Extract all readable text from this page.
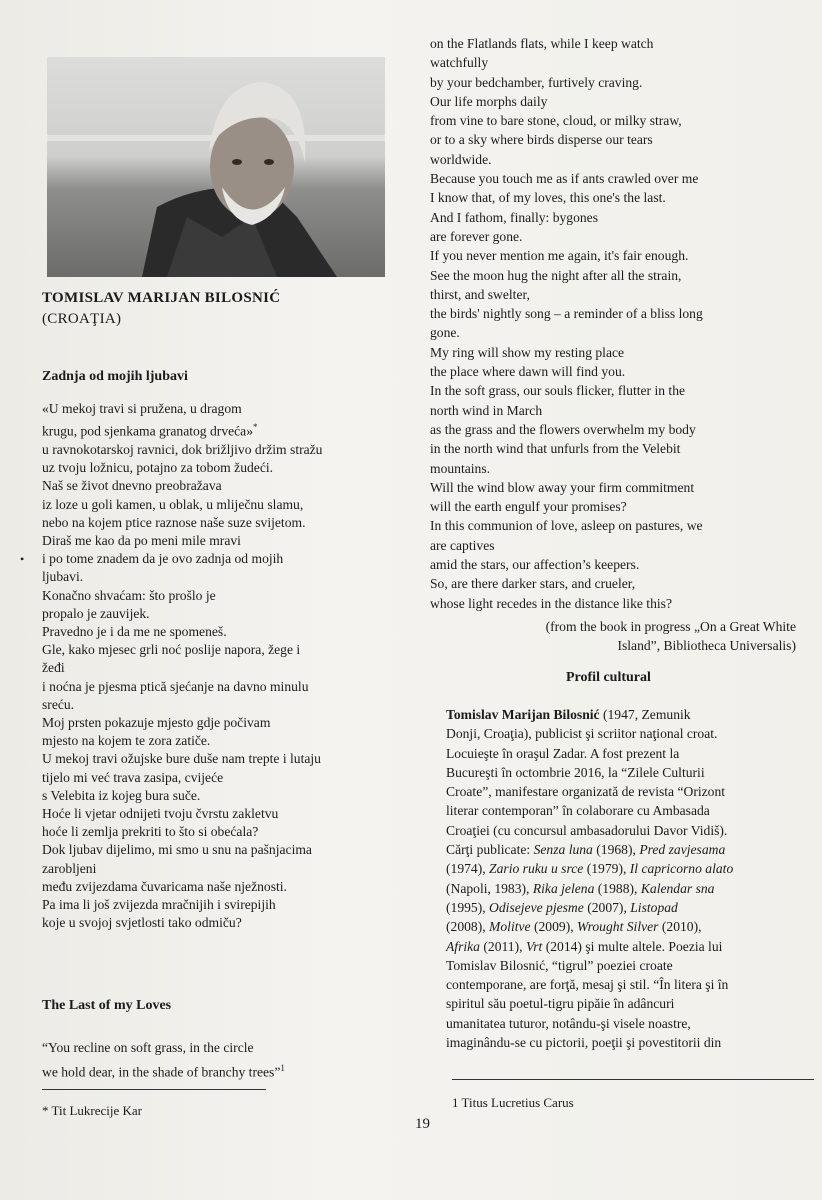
TOMISLAV MARIJAN BILOSNIĆ
(CROAŢIA)
Zadnja od mojih ljubavi
•
«U mekoj travi si pružena, u dragom
krugu, pod sjenkama granatog drveća»*
u ravnokotarskoj ravnici, dok brižljivo držim stražu
uz tvoju ložnicu, potajno za tobom žudeći.
Naš se život dnevno preobražava
iz loze u goli kamen, u oblak, u mliječnu slamu,
nebo na kojem ptice raznose naše suze svijetom.
Diraš me kao da po meni mile mravi
i po tome znadem da je ovo zadnja od mojih
ljubavi.
Konačno shvaćam: što prošlo je
propalo je zauvijek.
Pravedno je i da me ne spomeneš.
Gle, kako mjesec grli noć poslije napora, žege i
žeđi
i noćna je pjesma ptică sjećanje na davno minulu
sreću.
Moj prsten pokazuje mjesto gdje počivam
mjesto na kojem te zora zatiče.
U mekoj travi ožujske bure duše nam trepte i lutaju
tijelo mi već trava zasipa, cvijeće
s Velebita iz kojeg bura suče.
Hoće li vjetar odnijeti tvoju čvrstu zakletvu
hoće li zemlja prekriti to što si obećala?
Dok ljubav dijelimo, mi smo u snu na pašnjacima
zarobljeni
među zvijezdama čuvaricama naše nježnosti.
Pa ima li još zvijezda mračnijih i svirepijih
koje u svojoj svjetlosti tako odmiču?
The Last of my Loves
“You recline on soft grass, in the circle
we hold dear, in the shade of branchy trees”$^1$
* Tit Lukrecije Kar
19
on the Flatlands flats, while I keep watch
watchfully
by your bedchamber, furtively craving.
Our life morphs daily
from vine to bare stone, cloud, or milky straw,
or to a sky where birds disperse our tears
worldwide.
Because you touch me as if ants crawled over me
I know that, of my loves, this one's the last.
And I fathom, finally: bygones
are forever gone.
If you never mention me again, it's fair enough.
See the moon hug the night after all the strain,
thirst, and swelter,
the birds' nightly song – a reminder of a bliss long
gone.
My ring will show my resting place
the place where dawn will find you.
In the soft grass, our souls flicker, flutter in the
north wind in March
as the grass and the flowers overwhelm my body
in the north wind that unfurls from the Velebit
mountains.
Will the wind blow away your firm commitment
will the earth engulf your promises?
In this communion of love, asleep on pastures, we
are captives
amid the stars, our affection’s keepers.
So, are there darker stars, and crueler,
whose light recedes in the distance like this?
(from the book in progress „On a Great White
Island”, Bibliotheca Universalis)
Profil cultural
Tomislav Marijan Bilosnić (1947, Zemunik
Donji, Croaţia), publicist şi scriitor naţional croat.
Locuieşte în oraşul Zadar. A fost prezent la
Bucureşti în octombrie 2016, la “Zilele Culturii
Croate”, manifestare organizată de revista “Orizont
literar contemporan” în colaborare cu Ambasada
Croaţiei (cu concursul ambasadorului Davor Vidiš).
Cărţi publicate: Senza luna (1968), Pred zavjesama
(1974), Zario ruku u srce (1979), Il capricorno alato
(Napoli, 1983), Rika jelena (1988), Kalendar sna
(1995), Odisejeve pjesme (2007), Listopad
(2008), Molitve (2009), Wrought Silver (2010),
Afrika (2011), Vrt (2014) şi multe altele. Poezia lui
Tomislav Bilosnić, “tigrul” poeziei croate
contemporane, are forţă, mesaj şi stil. “În litera şi în
spiritul său poetul-tigru pipăie în adâncuri
umanitatea tuturor, notându-şi visele noastre,
imaginându-se cu pictorii, poeţii şi povestitorii din
1 Titus Lucretius Carus
